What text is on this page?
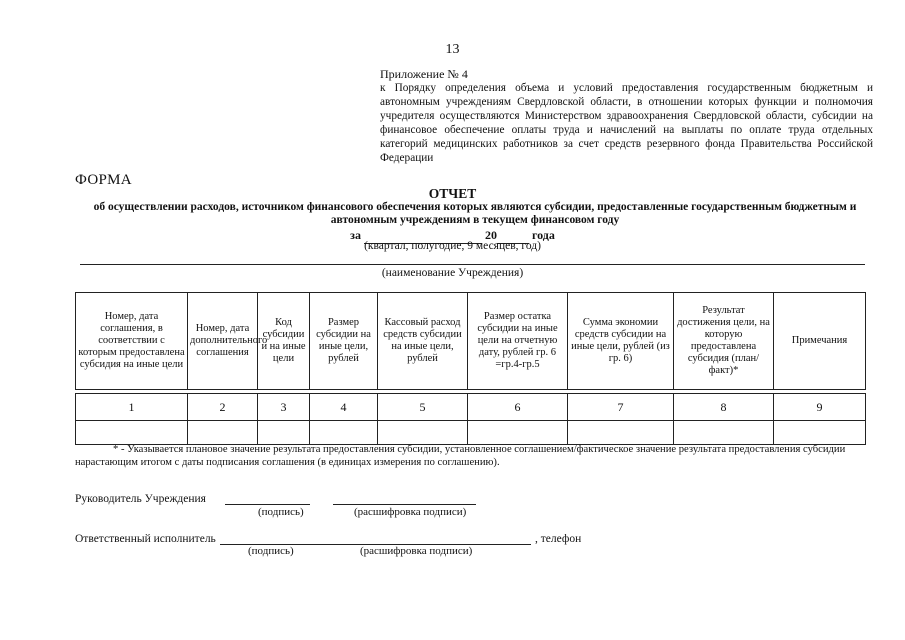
13
Приложение № 4
к Порядку определения объема и условий предоставления государственным бюджетным и автономным учреждениям Свердловской области, в отношении которых функции и полномочия учредителя осуществляются Министерством здравоохранения Свердловской области, субсидии на финансовое обеспечение оплаты труда и начислений на выплаты по оплате труда отдельных категорий медицинских работников за счет средств резервного фонда Правительства Российской Федерации
ФОРМА
ОТЧЕТ
об осуществлении расходов, источником финансового обеспечения которых являются субсидии, предоставленные государственным бюджетным и автономным учреждениям в текущем финансовом году
за	20	года
(квартал, полугодие, 9 месяцев, год)
(наименование Учреждения)
Номер, дата соглашения, в соответствии с которым предоставлена субсидия на иные цели	Номер, дата дополнительного соглашения	Код субсидии и на иные цели	Размер субсидии на иные цели, рублей	Кассовый расход средств субсидии на иные цели, рублей	Размер остатка субсидии на иные цели на отчетную дату, рублей гр. 6 =гр.4-гр.5	Сумма экономии средств субсидии на иные цели, рублей (из гр. 6)	Результат достижения цели, на которую предоставлена субсидия (план/факт)*	Примечания

1	2	3	4	5	6	7	8	9

* - Указывается плановое значение результата предоставления субсидии, установленное соглашением/фактическое значение результата предоставления субсидии нарастающим итогом с даты подписания соглашения (в единицах измерения по соглашению).
Руководитель Учреждения
(подпись)	(расшифровка подписи)
Ответственный исполнитель	, телефон
(подпись)	(расшифровка подписи)
